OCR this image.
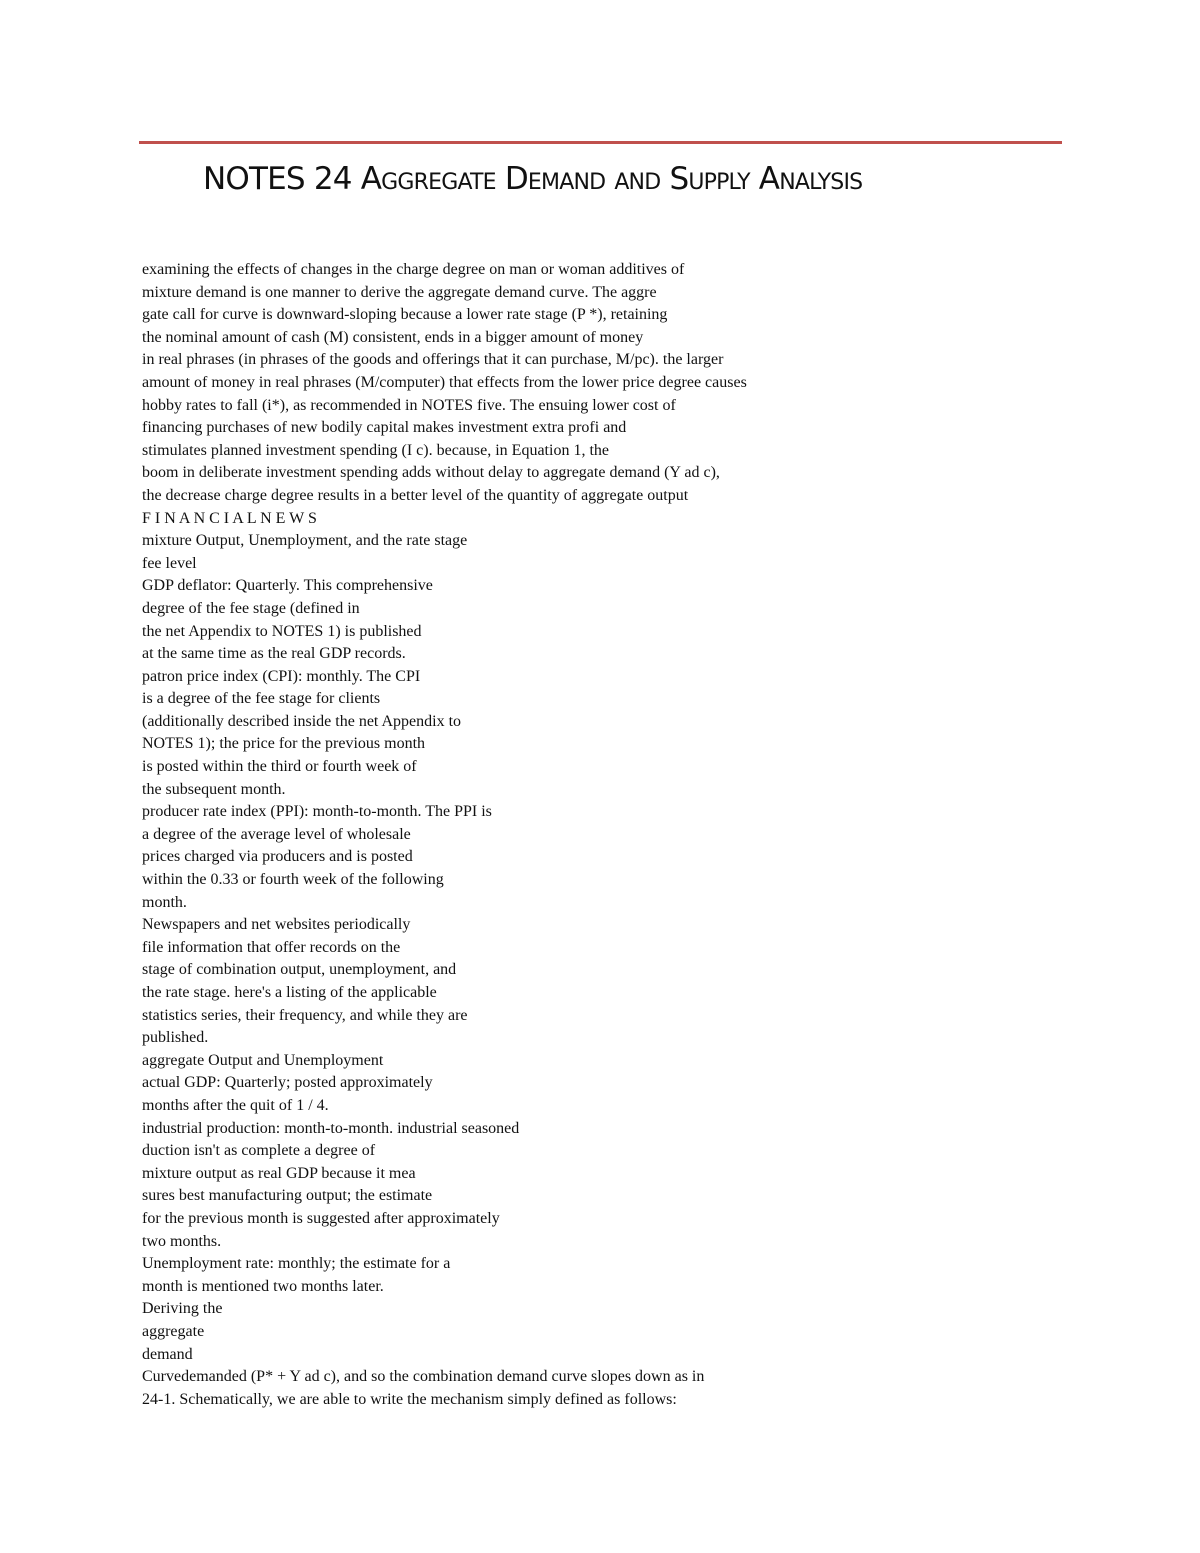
NOTES 24 Aggregate Demand and Supply Analysis
examining the effects of changes in the charge degree on man or woman additives of
mixture demand is one manner to derive the aggregate demand curve. The aggre
gate call for curve is downward-sloping because a lower rate stage (P *), retaining
the nominal amount of cash (M) consistent, ends in a bigger amount of money
in real phrases (in phrases of the goods and offerings that it can purchase, M/pc). the larger
amount of money in real phrases (M/computer) that effects from the lower price degree causes
hobby rates to fall (i*), as recommended in NOTES five. The ensuing lower cost of
financing purchases of new bodily capital makes investment extra profi and
stimulates planned investment spending (I c). because, in Equation 1, the
boom in deliberate investment spending adds without delay to aggregate demand (Y ad c),
the decrease charge degree results in a better level of the quantity of aggregate output
F I N A N C I A L N E W S
mixture Output, Unemployment, and the rate stage
fee level
GDP deflator: Quarterly. This comprehensive
degree of the fee stage (defined in
the net Appendix to NOTES 1) is published
at the same time as the real GDP records.
patron price index (CPI): monthly. The CPI
is a degree of the fee stage for clients
(additionally described inside the net Appendix to
NOTES 1); the price for the previous month
is posted within the third or fourth week of
the subsequent month.
producer rate index (PPI): month-to-month. The PPI is
a degree of the average level of wholesale
prices charged via producers and is posted
within the 0.33 or fourth week of the following
month.
Newspapers and net websites periodically
file information that offer records on the
stage of combination output, unemployment, and
the rate stage. here's a listing of the applicable
statistics series, their frequency, and while they are
published.
aggregate Output and Unemployment
actual GDP: Quarterly; posted approximately
months after the quit of 1 / 4.
industrial production: month-to-month. industrial seasoned
duction isn't as complete a degree of
mixture output as real GDP because it mea
sures best manufacturing output; the estimate
for the previous month is suggested after approximately
two months.
Unemployment rate: monthly; the estimate for a
month is mentioned two months later.
Deriving the
aggregate
demand
Curvedemanded (P* + Y ad c), and so the combination demand curve slopes down as in
24-1. Schematically, we are able to write the mechanism simply defined as follows:
